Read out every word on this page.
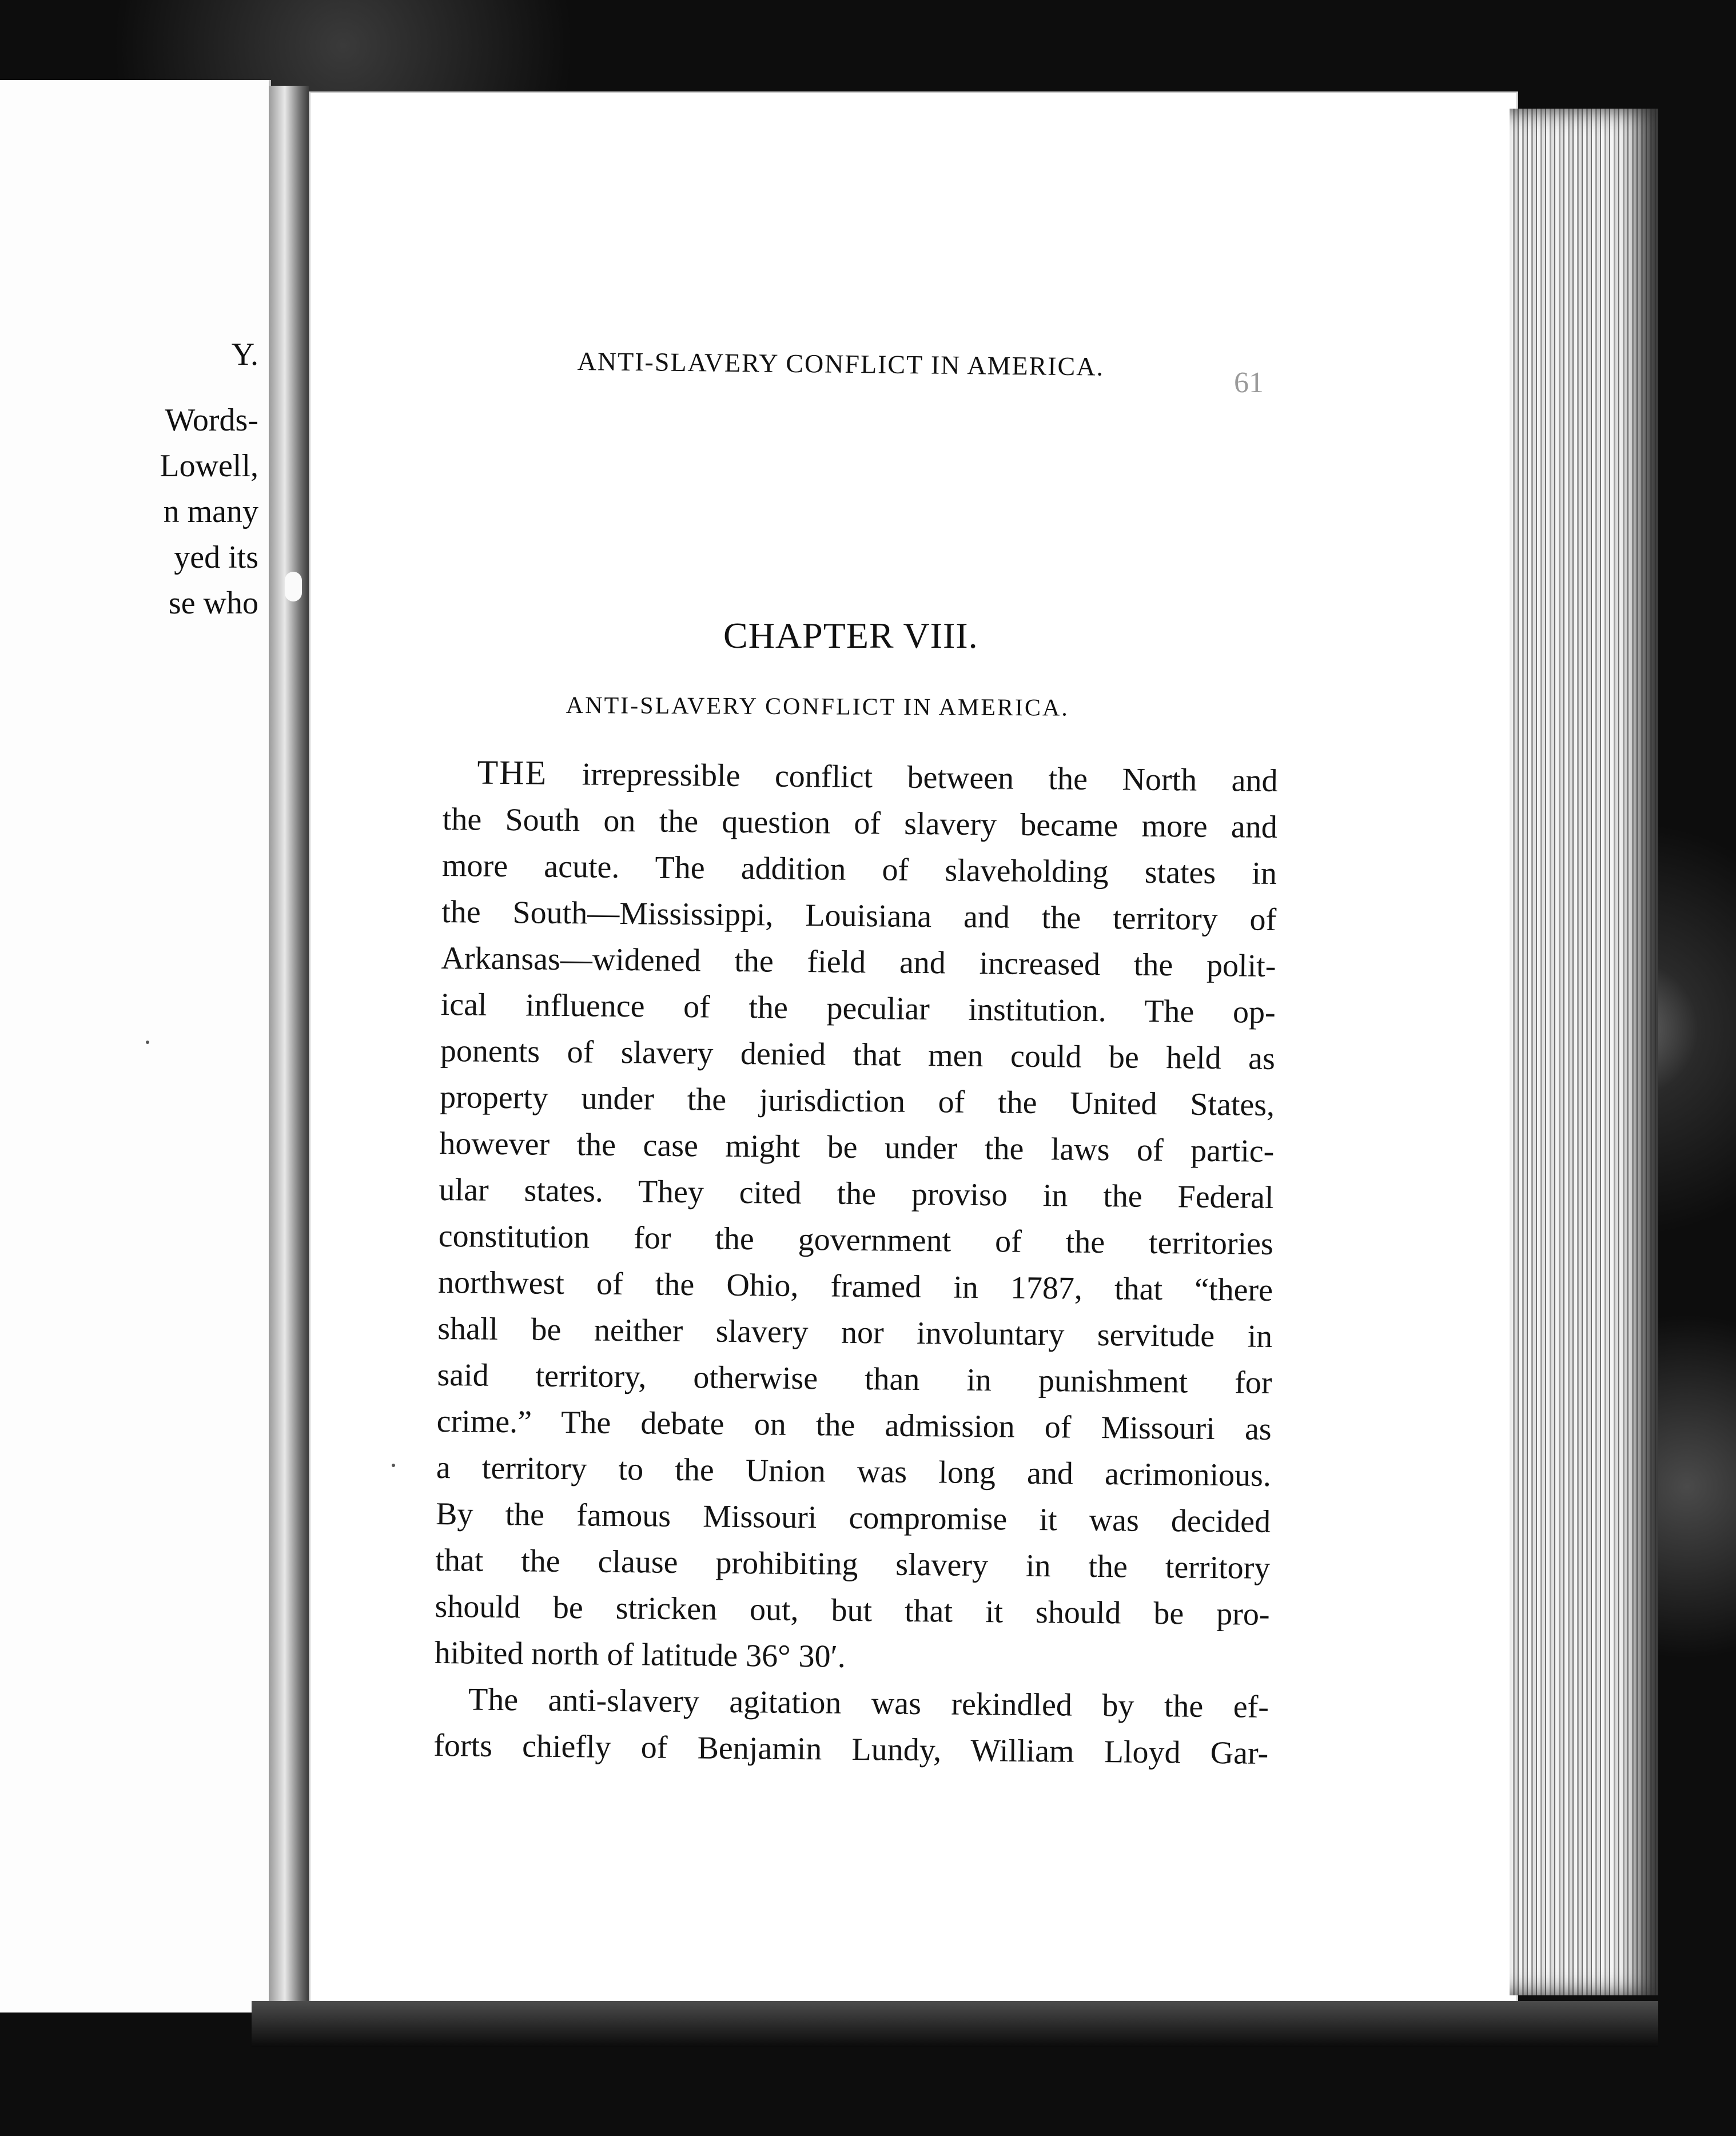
Y.
Words-
Lowell,
n many
yed its
se who
ANTI-SLAVERY CONFLICT IN AMERICA.
61
CHAPTER VIII.
ANTI-SLAVERY CONFLICT IN AMERICA.
THE irrepressible conflict between the North and
the South on the question of slavery became more and
more acute. The addition of slaveholding states in
the South—Mississippi, Louisiana and the territory of
Arkansas—widened the field and increased the polit-
ical influence of the peculiar institution. The op-
ponents of slavery denied that men could be held as
property under the jurisdiction of the United States,
however the case might be under the laws of partic-
ular states. They cited the proviso in the Federal
constitution for the government of the territories
northwest of the Ohio, framed in 1787, that “there
shall be neither slavery nor involuntary servitude in
said territory, otherwise than in punishment for
crime.” The debate on the admission of Missouri as
a territory to the Union was long and acrimonious.
By the famous Missouri compromise it was decided
that the clause prohibiting slavery in the territory
should be stricken out, but that it should be pro-
hibited north of latitude 36° 30′.
The anti-slavery agitation was rekindled by the ef-
forts chiefly of Benjamin Lundy, William Lloyd Gar-
